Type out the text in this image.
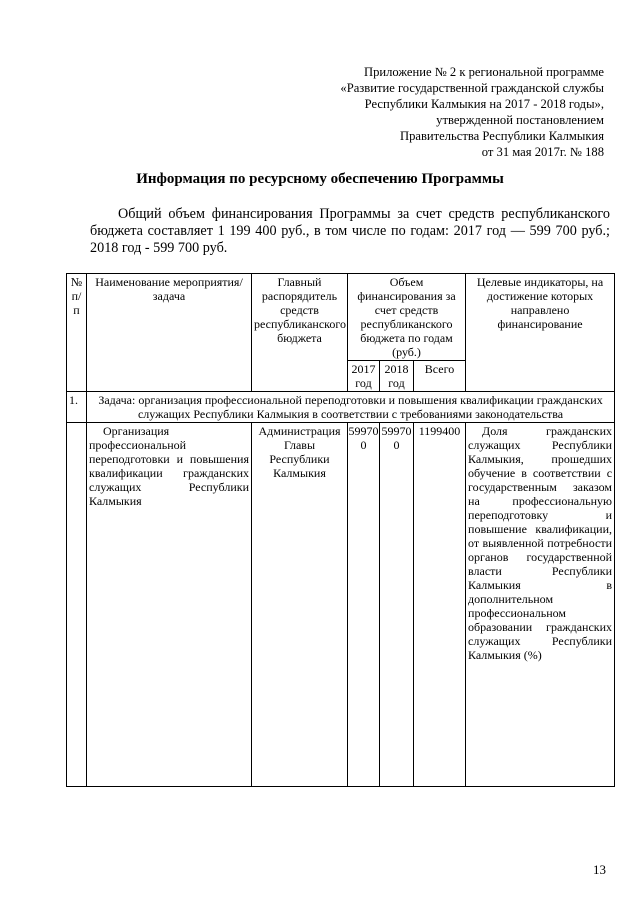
Приложение № 2 к региональной программе
«Развитие государственной гражданской службы
Республики Калмыкия на 2017 - 2018 годы»,
утвержденной постановлением
Правительства Республики Калмыкия
от 31 мая 2017г. № 188
Информация по ресурсному обеспечению Программы

Общий объем финансирования Программы за счет средств республиканского бюджета составляет 1 199 400 руб., в том числе по годам: 2017 год — 599 700 руб.; 2018 год - 599 700 руб.

№ п/п	Наименование мероприятия/ задача	Главный распорядитель средств республиканского бюджета	Объем финансирования за счет средств республиканского бюджета по годам (руб.)			Целевые индикаторы, на достижение которых направлено финансирование
			2017 год	2018 год	Всего	
1.	Задача: организация профессиональной переподготовки и повышения квалификации гражданских служащих Республики Калмыкия в соответствии с требованиями законодательства					
	Организация профессиональной переподготовки и повышения квалификации гражданских служащих Республики Калмыкия	Администрация Главы Республики Калмыкия	599700	599700	1199400	Доля гражданских служащих Республики Калмыкия, прошедших обучение в соответствии с государственным заказом на профессиональную переподготовку и повышение квалификации, от выявленной потребности органов государственной власти Республики Калмыкия в дополнительном профессиональном образовании гражданских служащих Республики Калмыкия (%)
13
